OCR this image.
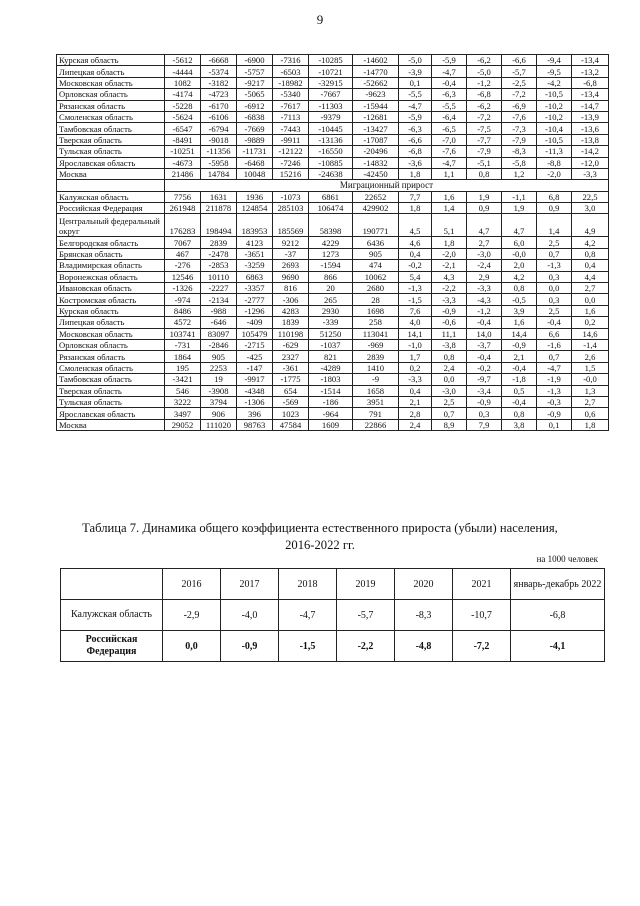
9
Курская область	-5612	-6668	-6900	-7316	-10285	-14602	-5,0	-5,9	-6,2	-6,6	-9,4	-13,4
Липецкая область	-4444	-5374	-5757	-6503	-10721	-14770	-3,9	-4,7	-5,0	-5,7	-9,5	-13,2
Московская область	1082	-3182	-9217	-18982	-32915	-52662	0,1	-0,4	-1,2	-2,5	-4,2	-6,8
Орловская область	-4174	-4723	-5065	-5340	-7667	-9623	-5,5	-6,3	-6,8	-7,2	-10,5	-13,4
Рязанская область	-5228	-6170	-6912	-7617	-11303	-15944	-4,7	-5,5	-6,2	-6,9	-10,2	-14,7
Смоленская область	-5624	-6106	-6838	-7113	-9379	-12681	-5,9	-6,4	-7,2	-7,6	-10,2	-13,9
Тамбовская область	-6547	-6794	-7669	-7443	-10445	-13427	-6,3	-6,5	-7,5	-7,3	-10,4	-13,6
Тверская область	-8491	-9018	-9889	-9911	-13136	-17087	-6,6	-7,0	-7,7	-7,9	-10,5	-13,8
Тульская область	-10251	-11356	-11731	-12122	-16550	-20496	-6,8	-7,6	-7,9	-8,3	-11,3	-14,2
Ярославская область	-4673	-5958	-6468	-7246	-10885	-14832	-3,6	-4,7	-5,1	-5,8	-8,8	-12,0
Москва	21486	14784	10048	15216	-24638	-42450	1,8	1,1	0,8	1,2	-2,0	-3,3
	Миграционный прирост											
Калужская область	7756	1631	1936	-1073	6861	22652	7,7	1,6	1,9	-1,1	6,8	22,5
Российская Федерация	261948	211878	124854	285103	106474	429902	1,8	1,4	0,9	1,9	0,9	3,0
Центральный федеральный округ	176283	198494	183953	185569	58398	190771	4,5	5,1	4,7	4,7	1,4	4,9
Белгородская область	7067	2839	4123	9212	4229	6436	4,6	1,8	2,7	6,0	2,5	4,2
Брянская область	467	-2478	-3651	-37	1273	905	0,4	-2,0	-3,0	-0,0	0,7	0,8
Владимирская область	-276	-2853	-3259	2693	-1594	474	-0,2	-2,1	-2,4	2,0	-1,3	0,4
Воронежская область	12546	10110	6863	9690	866	10062	5,4	4,3	2,9	4,2	0,3	4,4
Ивановская область	-1326	-2227	-3357	816	20	2680	-1,3	-2,2	-3,3	0,8	0,0	2,7
Костромская область	-974	-2134	-2777	-306	265	28	-1,5	-3,3	-4,3	-0,5	0,3	0,0
Курская область	8486	-988	-1296	4283	2930	1698	7,6	-0,9	-1,2	3,9	2,5	1,6
Липецкая область	4572	-646	-409	1839	-339	258	4,0	-0,6	-0,4	1,6	-0,4	0,2
Московская область	103741	83097	105479	110198	51250	113041	14,1	11,1	14,0	14,4	6,6	14,6
Орловская область	-731	-2846	-2715	-629	-1037	-969	-1,0	-3,8	-3,7	-0,9	-1,6	-1,4
Рязанская область	1864	905	-425	2327	821	2839	1,7	0,8	-0,4	2,1	0,7	2,6
Смоленская область	195	2253	-147	-361	-4289	1410	0,2	2,4	-0,2	-0,4	-4,7	1,5
Тамбовская область	-3421	19	-9917	-1775	-1803	-9	-3,3	0,0	-9,7	-1,8	-1,9	-0,0
Тверская область	546	-3908	-4348	654	-1514	1658	0,4	-3,0	-3,4	0,5	-1,3	1,3
Тульская область	3222	3794	-1306	-569	-186	3951	2,1	2,5	-0,9	-0,4	-0,3	2,7
Ярославская область	3497	906	396	1023	-964	791	2,8	0,7	0,3	0,8	-0,9	0,6
Москва	29052	111020	98763	47584	1609	22866	2,4	8,9	7,9	3,8	0,1	1,8
Таблица 7. Динамика общего коэффициента естественного прироста (убыли) населения,
2016-2022 гг.
на 1000 человек
	2016	2017	2018	2019	2020	2021	январь-декабрь 2022
Калужская область	-2,9	-4,0	-4,7	-5,7	-8,3	-10,7	-6,8
Российская Федерация	0,0	-0,9	-1,5	-2,2	-4,8	-7,2	-4,1
